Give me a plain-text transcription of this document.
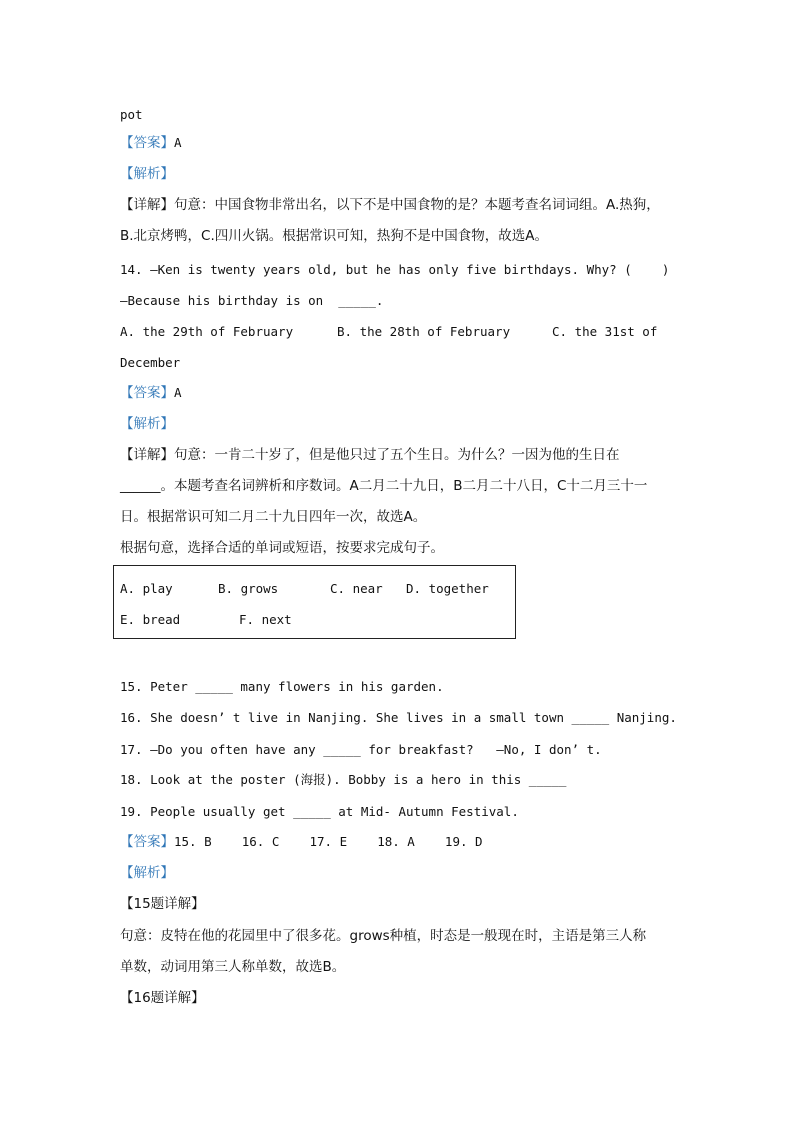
pot
【答案】A
【解析】
【详解】句意：中国食物非常出名，以下不是中国食物的是？本题考查名词词组。A.热狗，
B.北京烤鸭，C.四川火锅。根据常识可知，热狗不是中国食物，故选A。
14. —Ken is twenty years old, but he has only five birthdays. Why? (    )
—Because his birthday is on  _____.
A. the 29th of February	B. the 28th of February	C. the 31st of
December
【答案】A
【解析】
【详解】句意：一肯二十岁了，但是他只过了五个生日。为什么？一因为他的生日在
______。本题考查名词辨析和序数词。A二月二十九日，B二月二十八日，C十二月三十一
日。根据常识可知二月二十九日四年一次，故选A。
根据句意，选择合适的单词或短语，按要求完成句子。
A. play	B. grows	C. near D. together
E. bread	F. next
15. Peter _____ many flowers in his garden.
16. She doesn’ t live in Nanjing. She lives in a small town _____ Nanjing.
17. —Do you often have any _____ for breakfast?   —No, I don’ t.
18. Look at the poster (海报). Bobby is a hero in this _____
19. People usually get _____ at Mid- Autumn Festival.
【答案】15. B    16. C    17. E    18. A    19. D
【解析】
【15题详解】
句意：皮特在他的花园里中了很多花。grows种植，时态是一般现在时，主语是第三人称
单数，动词用第三人称单数，故选B。
【16题详解】
